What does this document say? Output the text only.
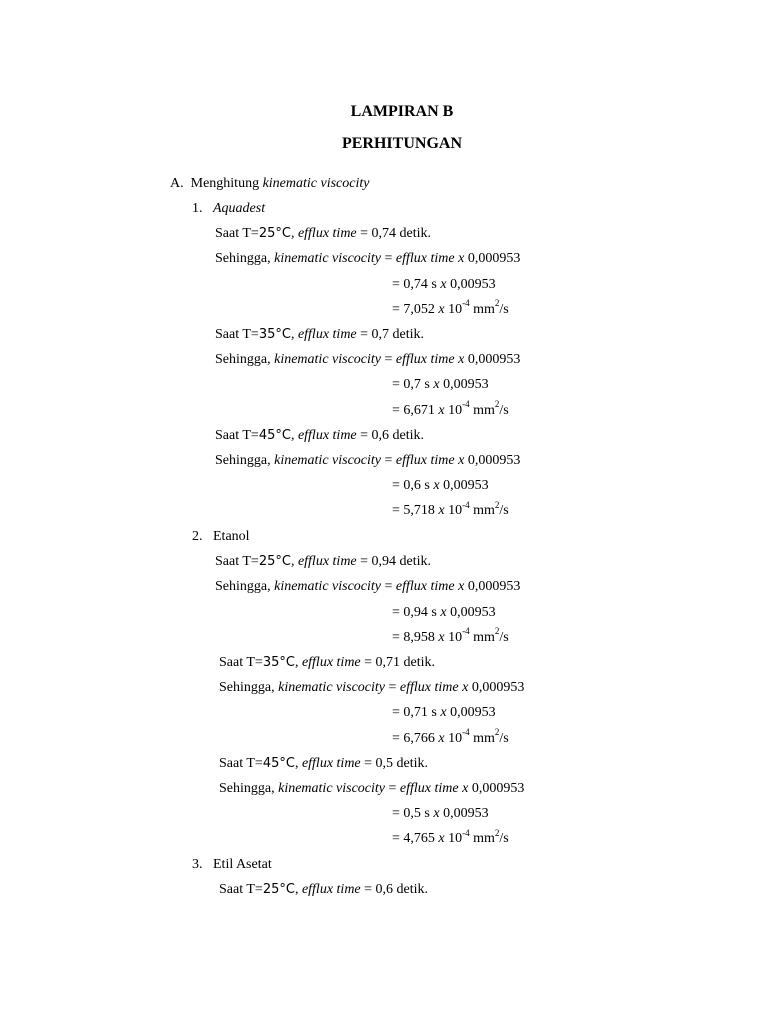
LAMPIRAN B
PERHITUNGAN
A. Menghitung kinematic viscocity
1. Aquadest
Saat T=25°C, efflux time = 0,74 detik.
Sehingga, kinematic viscocity = efflux time x 0,000953
= 0,74 s x 0,00953
= 7,052 x $10^{-4}$ $mm^2/s$
Saat T=35°C, efflux time = 0,7 detik.
Sehingga, kinematic viscocity = efflux time x 0,000953
= 0,7 s x 0,00953
= 6,671 x $10^{-4}$ $mm^2/s$
Saat T=45°C, efflux time = 0,6 detik.
Sehingga, kinematic viscocity = efflux time x 0,000953
= 0,6 s x 0,00953
= 5,718 x $10^{-4}$ $mm^2/s$
2. Etanol
Saat T=25°C, efflux time = 0,94 detik.
Sehingga, kinematic viscocity = efflux time x 0,000953
= 0,94 s x 0,00953
= 8,958 x $10^{-4}$ $mm^2/s$
Saat T=35°C, efflux time = 0,71 detik.
Sehingga, kinematic viscocity = efflux time x 0,000953
= 0,71 s x 0,00953
= 6,766 x $10^{-4}$ $mm^2/s$
Saat T=45°C, efflux time = 0,5 detik.
Sehingga, kinematic viscocity = efflux time x 0,000953
= 0,5 s x 0,00953
= 4,765 x $10^{-4}$ $mm^2/s$
3. Etil Asetat
Saat T=25°C, efflux time = 0,6 detik.
